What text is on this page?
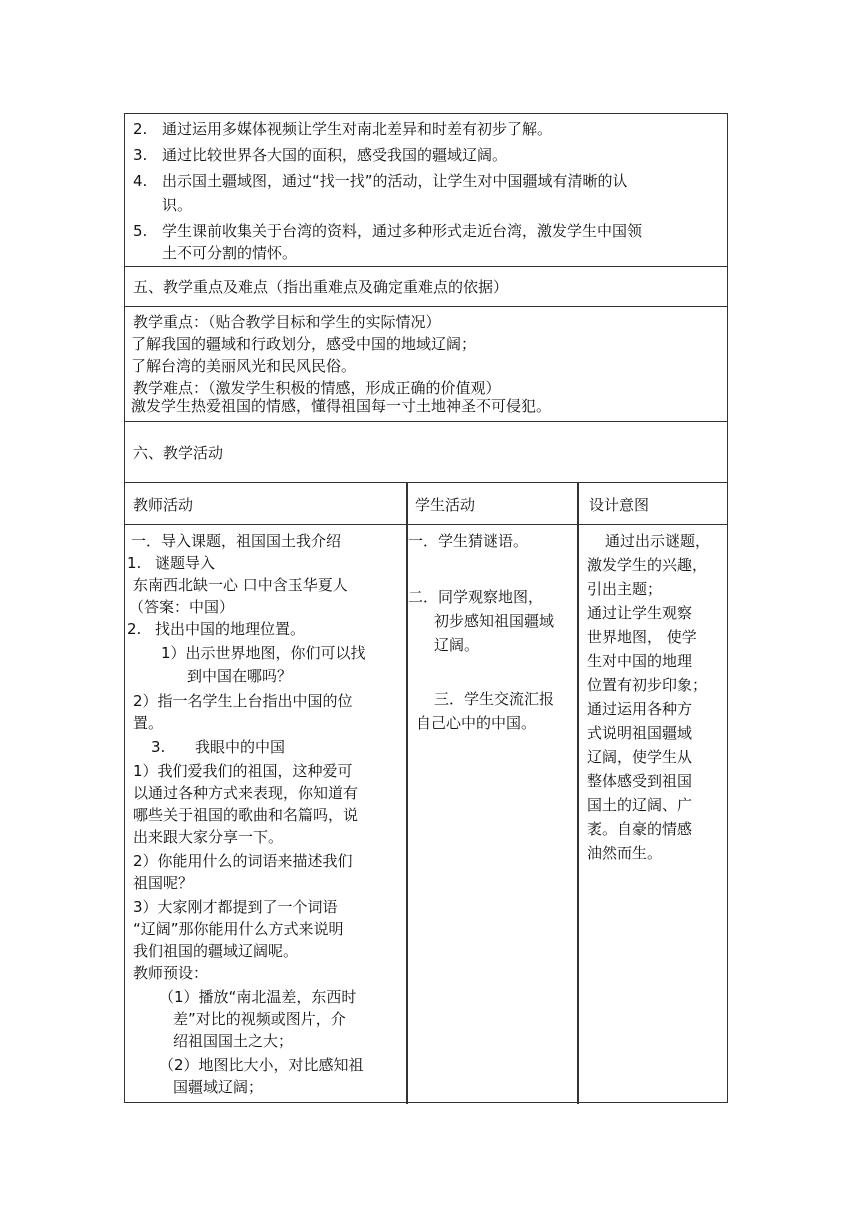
2. 通过运用多媒体视频让学生对南北差异和时差有初步了解。
3. 通过比较世界各大国的面积，感受我国的疆域辽阔。
4. 出示国土疆域图，通过“找一找”的活动，让学生对中国疆域有清晰的认
识。
5. 学生课前收集关于台湾的资料，通过多种形式走近台湾，激发学生中国领
土不可分割的情怀。
五、教学重点及难点（指出重难点及确定重难点的依据）
教学重点：（贴合教学目标和学生的实际情况）
了解我国的疆域和行政划分，感受中国的地域辽阔；
了解台湾的美丽风光和民风民俗。
教学难点：（激发学生积极的情感，形成正确的价值观）
激发学生热爱祖国的情感，懂得祖国每一寸土地神圣不可侵犯。
六、教学活动
教师活动	学生活动	设计意图
一．导入课题，祖国国土我介绍
1. 谜题导入
东南西北缺一心 口中含玉华夏人
（答案：中国）
2. 找出中国的地理位置。
1）出示世界地图，你们可以找
到中国在哪吗？
2）指一名学生上台指出中国的位
置。
3. 我眼中的中国
1）我们爱我们的祖国，这种爱可
以通过各种方式来表现，你知道有
哪些关于祖国的歌曲和名篇吗，说
出来跟大家分享一下。
2）你能用什么的词语来描述我们
祖国呢？
3）大家刚才都提到了一个词语
“辽阔”那你能用什么方式来说明
我们祖国的疆域辽阔呢。
教师预设：
（1）播放“南北温差，东西时
差”对比的视频或图片，介
绍祖国国土之大；
（2）地图比大小，对比感知祖
国疆域辽阔；
一．学生猜谜语。
二．同学观察地图，
初步感知祖国疆域
辽阔。
三．学生交流汇报
自己心中的中国。
通过出示谜题，
激发学生的兴趣，
引出主题；
通过让学生观察
世界地图， 使学
生对中国的地理
位置有初步印象；
通过运用各种方
式说明祖国疆域
辽阔，使学生从
整体感受到祖国
国土的辽阔、广
袤。自豪的情感
油然而生。
